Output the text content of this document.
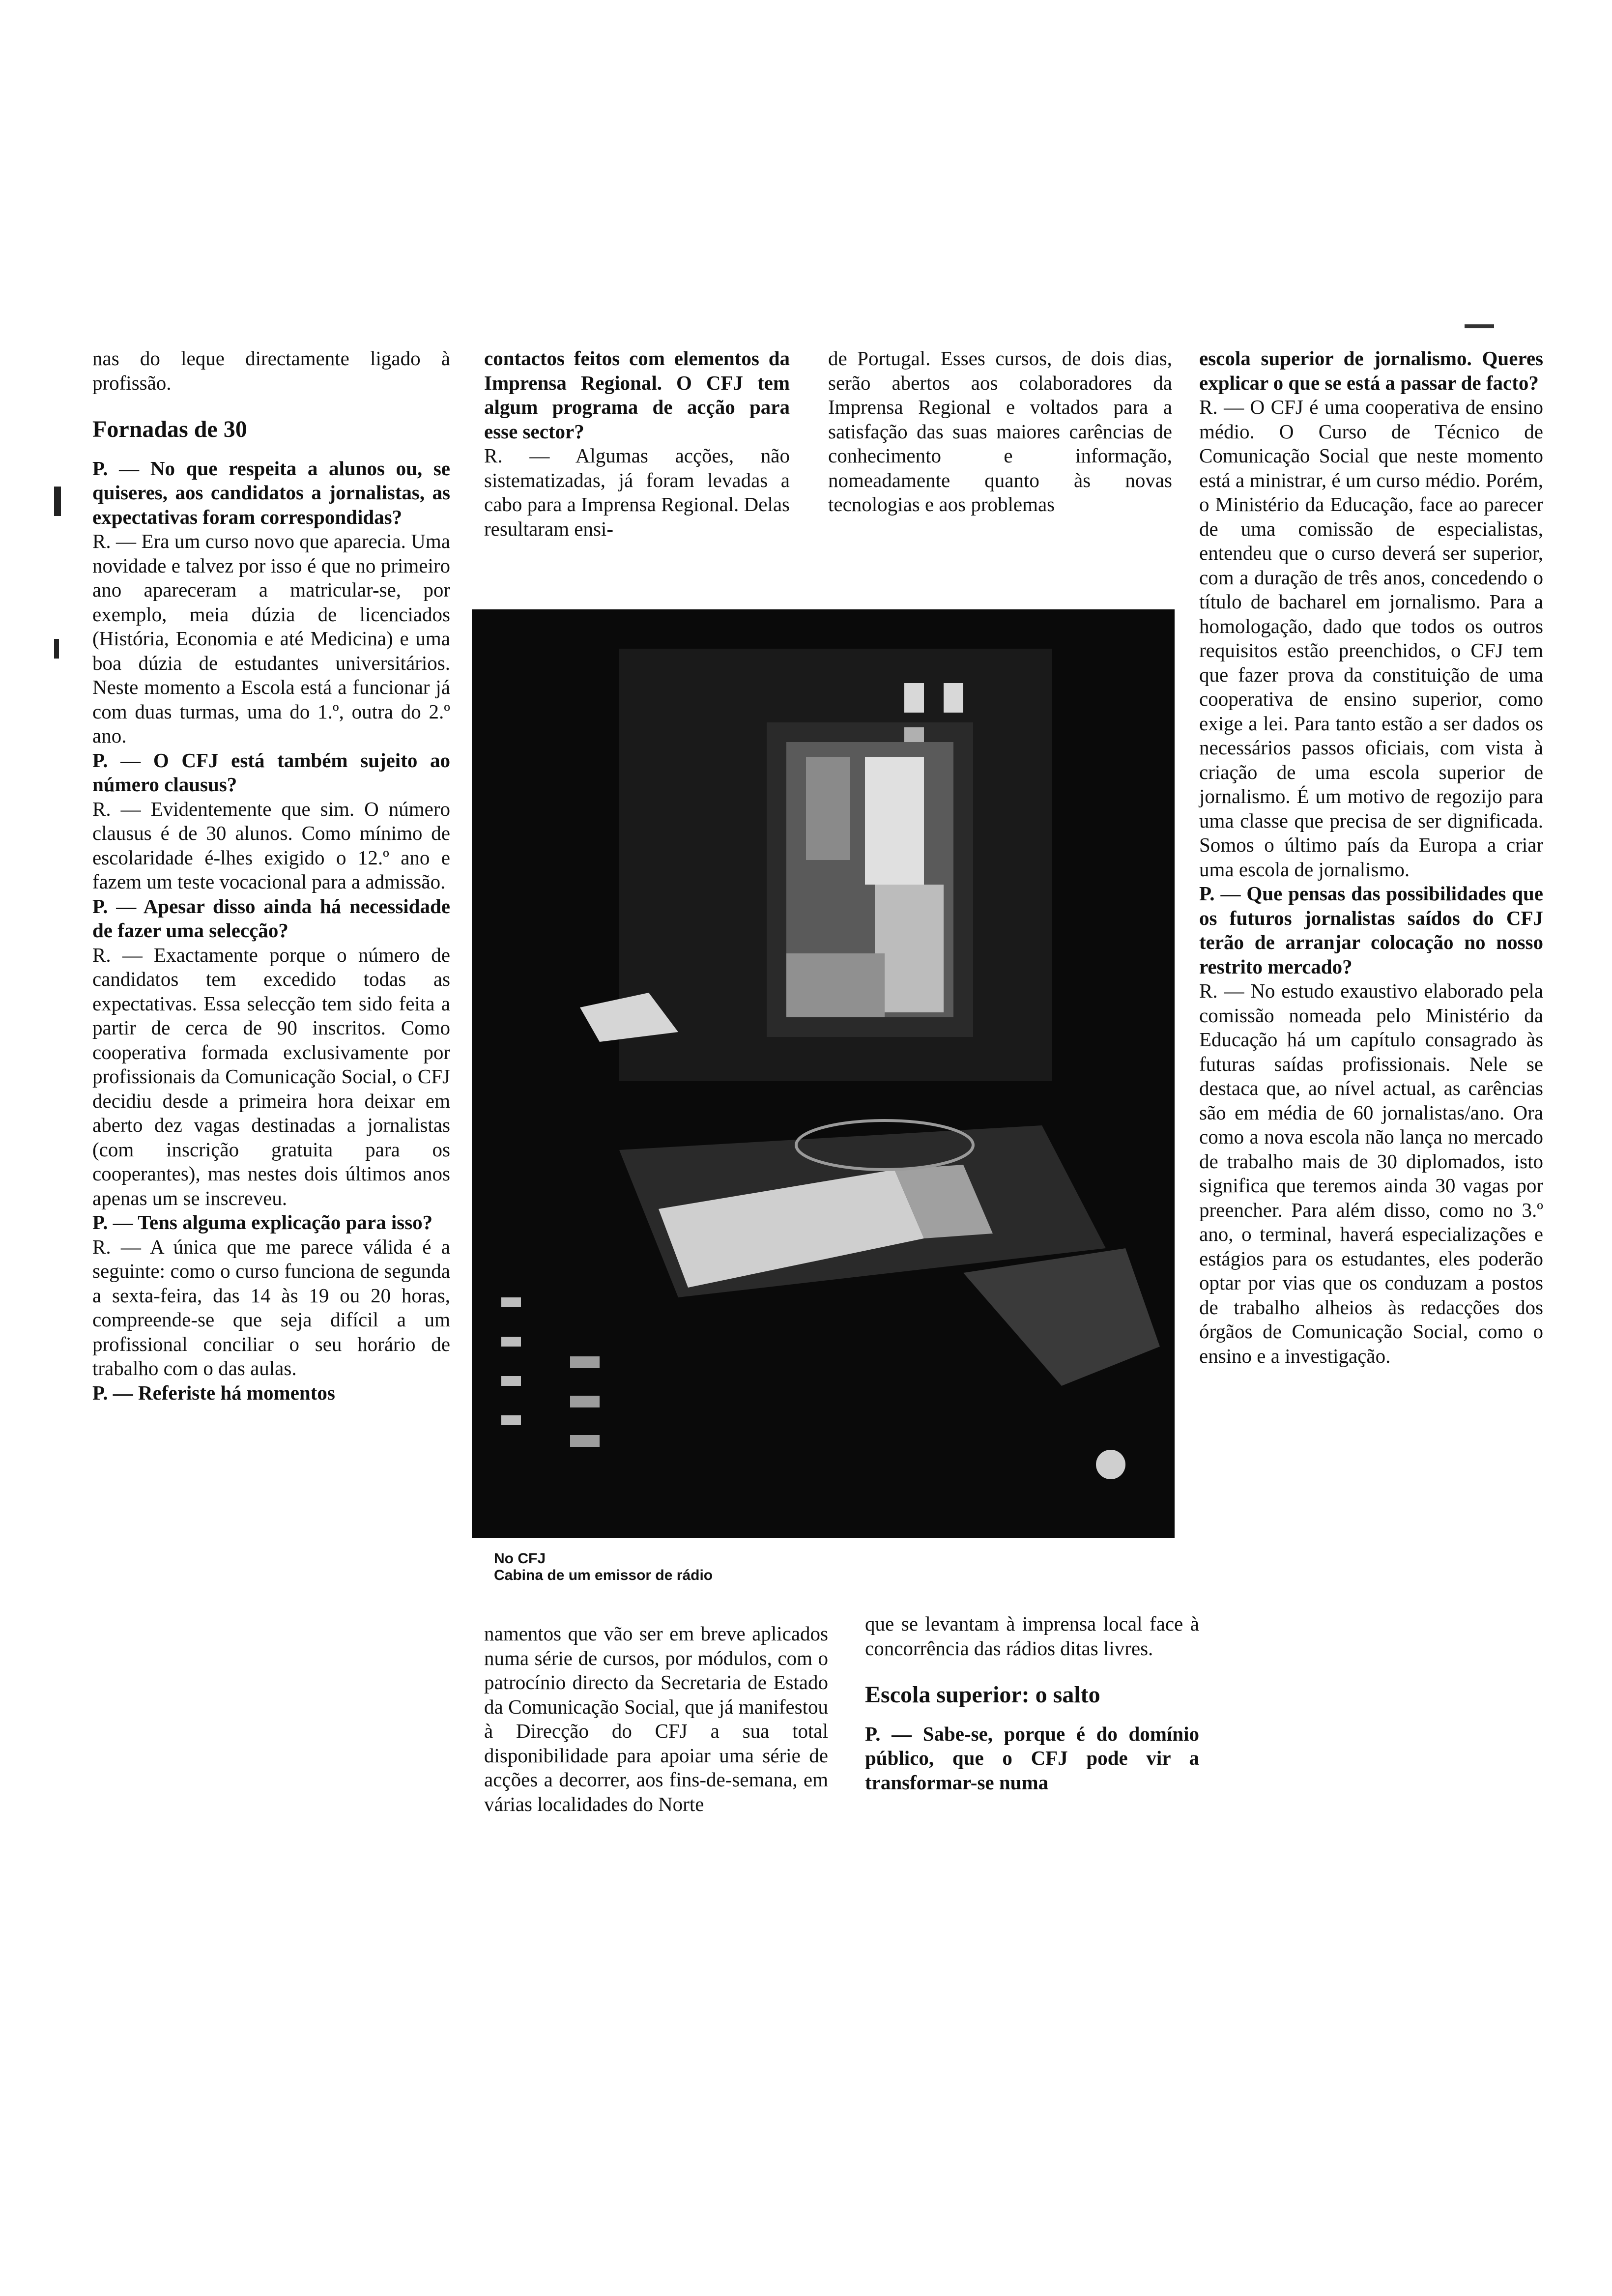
nas do leque directamente ligado à profissão.

Fornadas de 30

P. — No que respeita a alunos ou, se quiseres, aos candidatos a jornalistas, as expectativas foram correspondidas?

R. — Era um curso novo que aparecia. Uma novidade e talvez por isso é que no primeiro ano apareceram a matricular-se, por exemplo, meia dúzia de licenciados (História, Economia e até Medicina) e uma boa dúzia de estudantes universitários. Neste momento a Escola está a funcionar já com duas turmas, uma do 1.º, outra do 2.º ano.

P. — O CFJ está também sujeito ao número clausus?

R. — Evidentemente que sim. O número clausus é de 30 alunos. Como mínimo de escolaridade é-lhes exigido o 12.º ano e fazem um teste vocacional para a admissão.

P. — Apesar disso ainda há necessidade de fazer uma selecção?

R. — Exactamente porque o número de candidatos tem excedido todas as expectativas. Essa selecção tem sido feita a partir de cerca de 90 inscritos. Como cooperativa formada exclusivamente por profissionais da Comunicação Social, o CFJ decidiu desde a primeira hora deixar em aberto dez vagas destinadas a jornalistas (com inscrição gratuita para os cooperantes), mas nestes dois últimos anos apenas um se inscreveu.

P. — Tens alguma explicação para isso?

R. — A única que me parece válida é a seguinte: como o curso funciona de segunda a sexta-feira, das 14 às 19 ou 20 horas, compreende-se que seja difícil a um profissional conciliar o seu horário de trabalho com o das aulas.

P. — Referiste há momentos

contactos feitos com elementos da Imprensa Regional. O CFJ tem algum programa de acção para esse sector?

R. — Algumas acções, não sistematizadas, já foram levadas a cabo para a Imprensa Regional. Delas resultaram ensi-

de Portugal. Esses cursos, de dois dias, serão abertos aos colaboradores da Imprensa Regional e voltados para a satisfação das suas maiores carências de conhecimento e informação, nomeadamente quanto às novas tecnologias e aos problemas

escola superior de jornalismo. Queres explicar o que se está a passar de facto?

R. — O CFJ é uma cooperativa de ensino médio. O Curso de Técnico de Comunicação Social que neste momento está a ministrar, é um curso médio. Porém, o Ministério da Educação, face ao parecer de uma comissão de especialistas, entendeu que o curso deverá ser superior, com a duração de três anos, concedendo o título de bacharel em jornalismo. Para a homologação, dado que todos os outros requisitos estão preenchidos, o CFJ tem que fazer prova da constituição de uma cooperativa de ensino superior, como exige a lei. Para tanto estão a ser dados os necessários passos oficiais, com vista à criação de uma escola superior de jornalismo. É um motivo de regozijo para uma classe que precisa de ser dignificada. Somos o último país da Europa a criar uma escola de jornalismo.

P. — Que pensas das possibilidades que os futuros jornalistas saídos do CFJ terão de arranjar colocação no nosso restrito mercado?

R. — No estudo exaustivo elaborado pela comissão nomeada pelo Ministério da Educação há um capítulo consagrado às futuras saídas profissionais. Nele se destaca que, ao nível actual, as carências são em média de 60 jornalistas/ano. Ora como a nova escola não lança no mercado de trabalho mais de 30 diplomados, isto significa que teremos ainda 30 vagas por preencher. Para além disso, como no 3.º ano, o terminal, haverá especializações e estágios para os estudantes, eles poderão optar por vias que os conduzam a postos de trabalho alheios às redacções dos órgãos de Comunicação Social, como o ensino e a investigação.

No CFJ
Cabina de um emissor de rádio

namentos que vão ser em breve aplicados numa série de cursos, por módulos, com o patrocínio directo da Secretaria de Estado da Comunicação Social, que já manifestou à Direcção do CFJ a sua total disponibilidade para apoiar uma série de acções a decorrer, aos fins-de-semana, em várias localidades do Norte

que se levantam à imprensa local face à concorrência das rádios ditas livres.

Escola superior: o salto

P. — Sabe-se, porque é do domínio público, que o CFJ pode vir a transformar-se numa
